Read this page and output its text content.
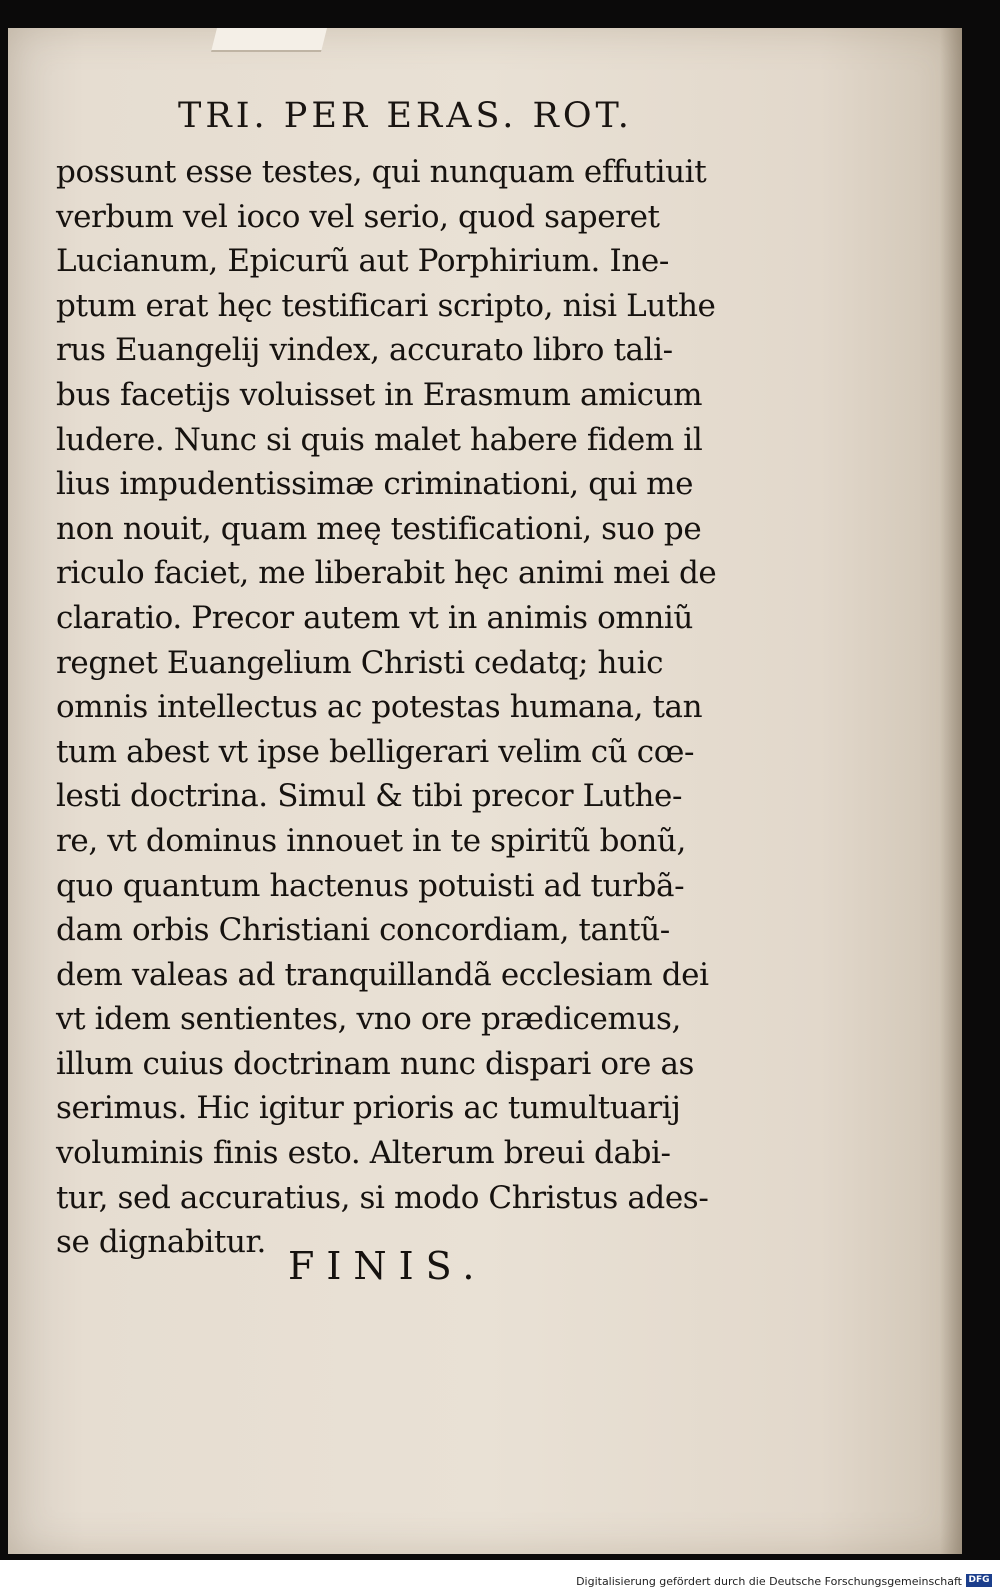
TRI. PER ERAS. ROT.
possunt esse testes, qui nunquam effutiuit
verbum vel ioco vel serio, quod saperet
Lucianum, Epicurũ aut Porphirium. Ine-
ptum erat hęc testificari scripto, nisi Luthe
rus Euangelij vindex, accurato libro tali-
bus facetijs voluisset in Erasmum amicum
ludere. Nunc si quis malet habere fidem il
lius impudentissimæ criminationi, qui me
non nouit, quam meę testificationi, suo pe
riculo faciet, me liberabit hęc animi mei de
claratio. Precor autem vt in animis omniũ
regnet Euangelium Christi cedatq; huic
omnis intellectus ac potestas humana, tan
tum abest vt ipse belligerari velim cũ cœ-
lesti doctrina. Simul & tibi precor Luthe-
re, vt dominus innouet in te spiritũ bonũ,
quo quantum hactenus potuisti ad turbã-
dam orbis Christiani concordiam, tantũ-
dem valeas ad tranquillandã ecclesiam dei
vt idem sentientes, vno ore prædicemus,
illum cuius doctrinam nunc dispari ore as
serimus. Hic igitur prioris ac tumultuarij
voluminis finis esto. Alterum breui dabi-
tur, sed accuratius, si modo Christus ades-
se dignabitur.
FINIS.
Digitalisierung gefördert durch die Deutsche Forschungsgemeinschaft DFG
